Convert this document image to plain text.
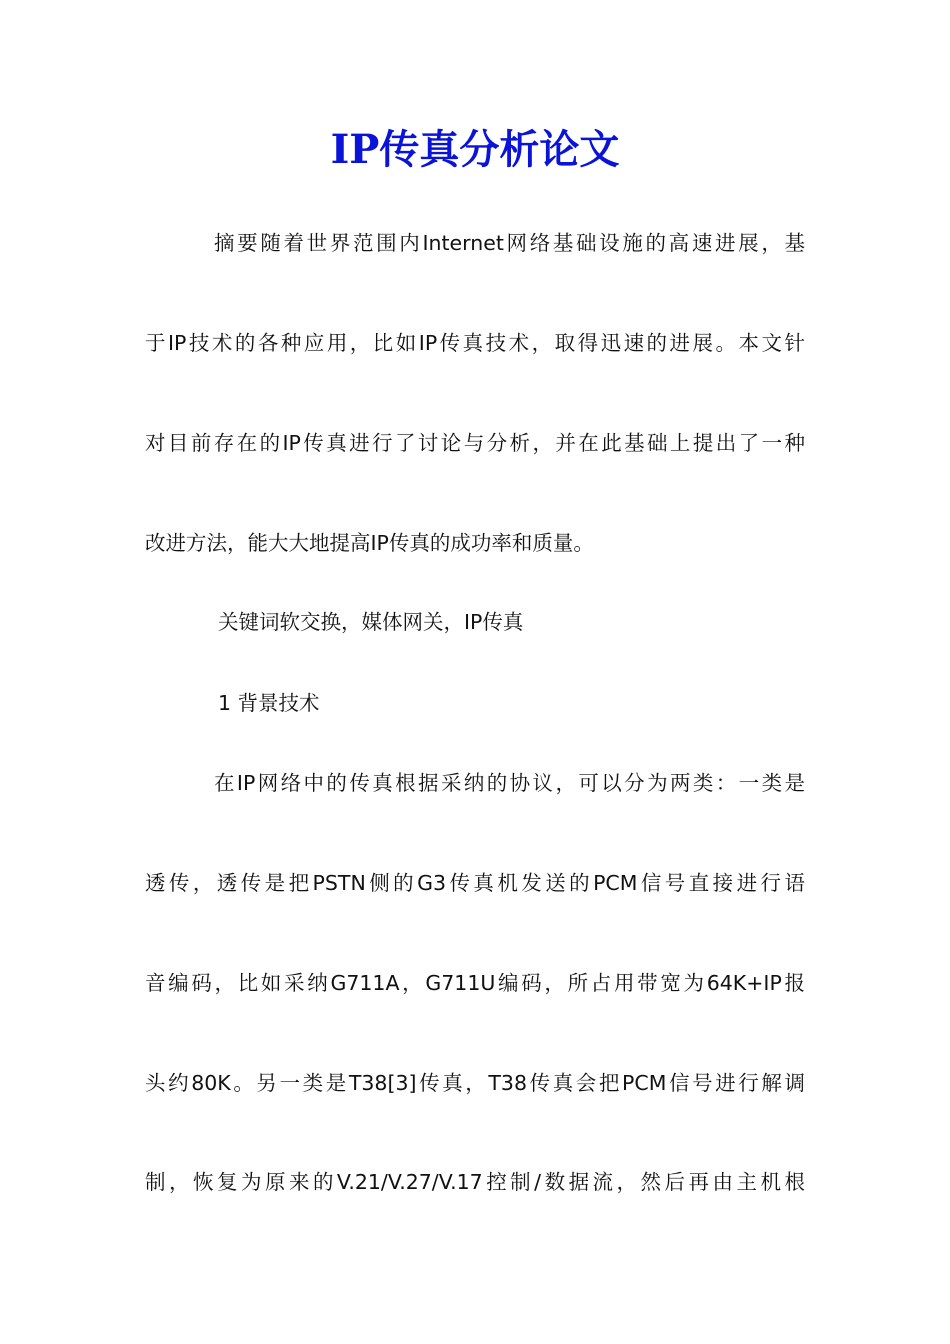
IP传真分析论文

摘要随着世界范围内Internet网络基础设施的高速进展，基

于IP技术的各种应用，比如IP传真技术，取得迅速的进展。本文针

对目前存在的IP传真进行了讨论与分析，并在此基础上提出了一种

改进方法，能大大地提高IP传真的成功率和质量。

关键词软交换，媒体网关，IP传真

1 背景技术

在IP网络中的传真根据采纳的协议，可以分为两类：一类是

透传，透传是把PSTN侧的G3传真机发送的PCM信号直接进行语

音编码，比如采纳G711A，G711U编码，所占用带宽为64K+IP报

头约80K。另一类是T38[3]传真，T38传真会把PCM信号进行解调

制，恢复为原来的V.21/V.27/V.17控制/数据流，然后再由主机根
